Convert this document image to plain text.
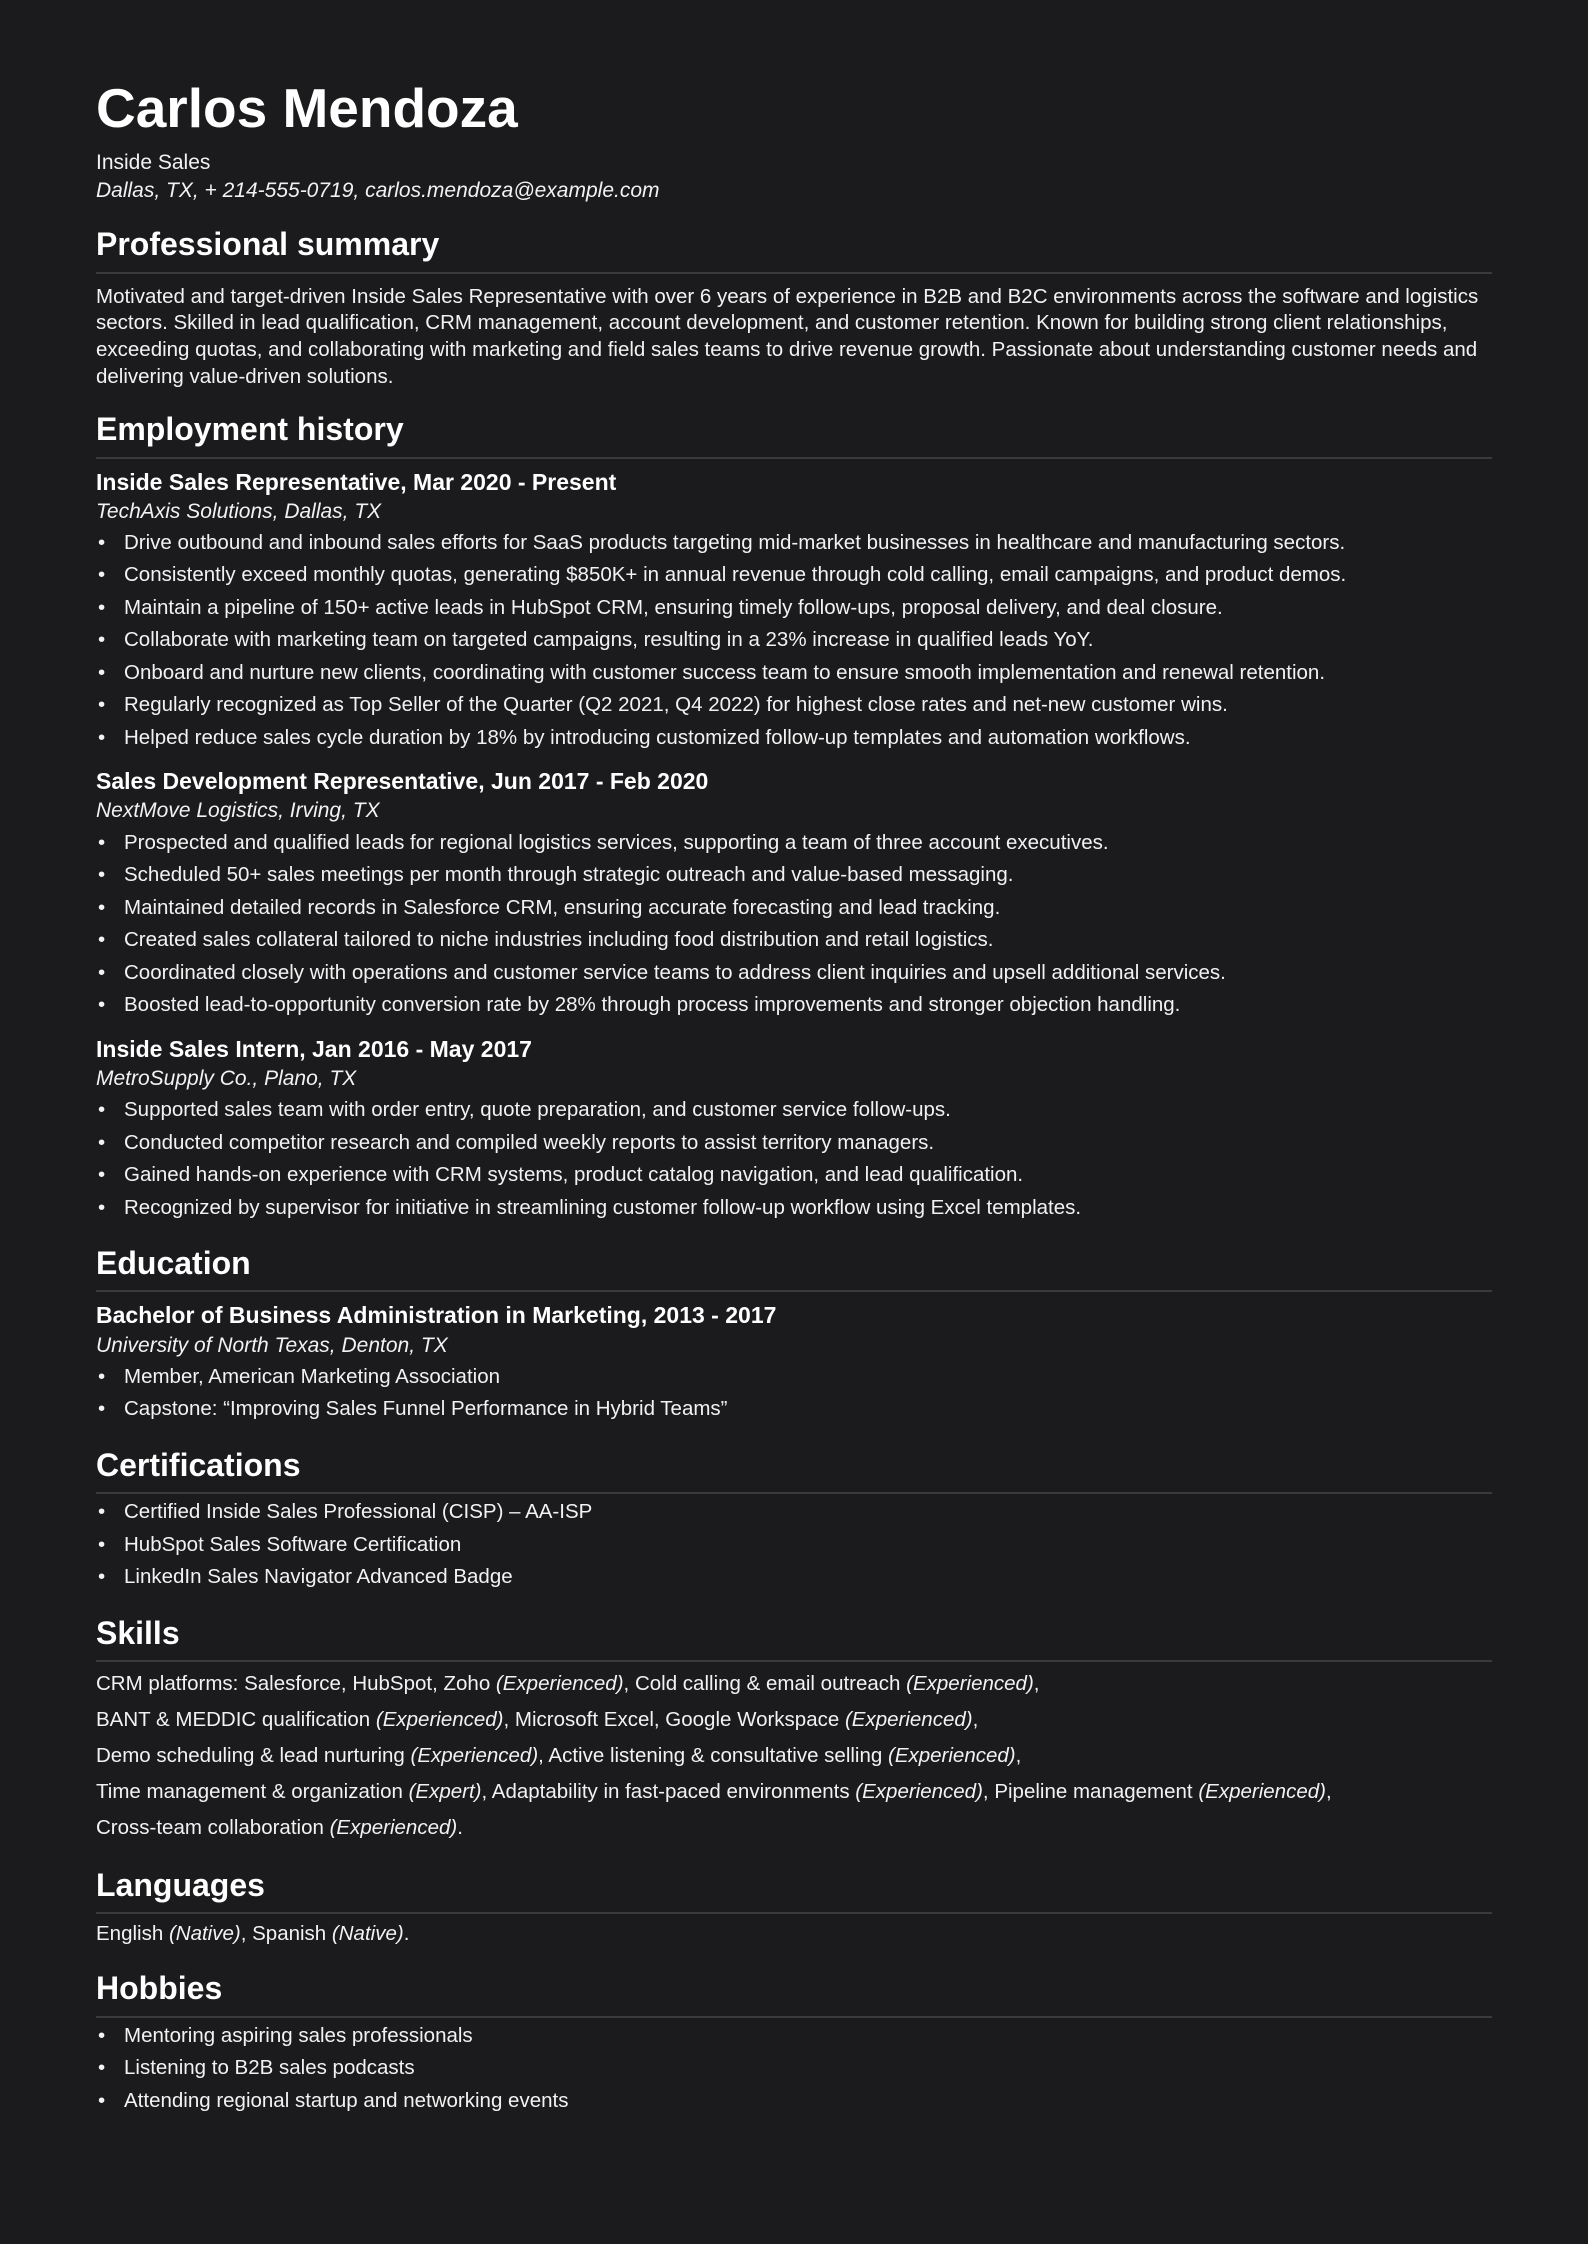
Carlos Mendoza
Inside Sales
Dallas, TX, + 214-555-0719, carlos.mendoza@example.com
Professional summary
Motivated and target-driven Inside Sales Representative with over 6 years of experience in B2B and B2C environments across the software and logistics sectors. Skilled in lead qualification, CRM management, account development, and customer retention. Known for building strong client relationships, exceeding quotas, and collaborating with marketing and field sales teams to drive revenue growth. Passionate about understanding customer needs and delivering value-driven solutions.
Employment history
Inside Sales Representative, Mar 2020 - Present
TechAxis Solutions, Dallas, TX
• Drive outbound and inbound sales efforts for SaaS products targeting mid-market businesses in healthcare and manufacturing sectors.
• Consistently exceed monthly quotas, generating $850K+ in annual revenue through cold calling, email campaigns, and product demos.
• Maintain a pipeline of 150+ active leads in HubSpot CRM, ensuring timely follow-ups, proposal delivery, and deal closure.
• Collaborate with marketing team on targeted campaigns, resulting in a 23% increase in qualified leads YoY.
• Onboard and nurture new clients, coordinating with customer success team to ensure smooth implementation and renewal retention.
• Regularly recognized as Top Seller of the Quarter (Q2 2021, Q4 2022) for highest close rates and net-new customer wins.
• Helped reduce sales cycle duration by 18% by introducing customized follow-up templates and automation workflows.
Sales Development Representative, Jun 2017 - Feb 2020
NextMove Logistics, Irving, TX
• Prospected and qualified leads for regional logistics services, supporting a team of three account executives.
• Scheduled 50+ sales meetings per month through strategic outreach and value-based messaging.
• Maintained detailed records in Salesforce CRM, ensuring accurate forecasting and lead tracking.
• Created sales collateral tailored to niche industries including food distribution and retail logistics.
• Coordinated closely with operations and customer service teams to address client inquiries and upsell additional services.
• Boosted lead-to-opportunity conversion rate by 28% through process improvements and stronger objection handling.
Inside Sales Intern, Jan 2016 - May 2017
MetroSupply Co., Plano, TX
• Supported sales team with order entry, quote preparation, and customer service follow-ups.
• Conducted competitor research and compiled weekly reports to assist territory managers.
• Gained hands-on experience with CRM systems, product catalog navigation, and lead qualification.
• Recognized by supervisor for initiative in streamlining customer follow-up workflow using Excel templates.
Education
Bachelor of Business Administration in Marketing, 2013 - 2017
University of North Texas, Denton, TX
• Member, American Marketing Association
• Capstone: “Improving Sales Funnel Performance in Hybrid Teams”
Certifications
• Certified Inside Sales Professional (CISP) – AA-ISP
• HubSpot Sales Software Certification
• LinkedIn Sales Navigator Advanced Badge
Skills
CRM platforms: Salesforce, HubSpot, Zoho (Experienced), Cold calling & email outreach (Experienced),
BANT & MEDDIC qualification (Experienced), Microsoft Excel, Google Workspace (Experienced),
Demo scheduling & lead nurturing (Experienced), Active listening & consultative selling (Experienced),
Time management & organization (Expert), Adaptability in fast-paced environments (Experienced), Pipeline management (Experienced),
Cross-team collaboration (Experienced).
Languages
English (Native), Spanish (Native).
Hobbies
• Mentoring aspiring sales professionals
• Listening to B2B sales podcasts
• Attending regional startup and networking events
